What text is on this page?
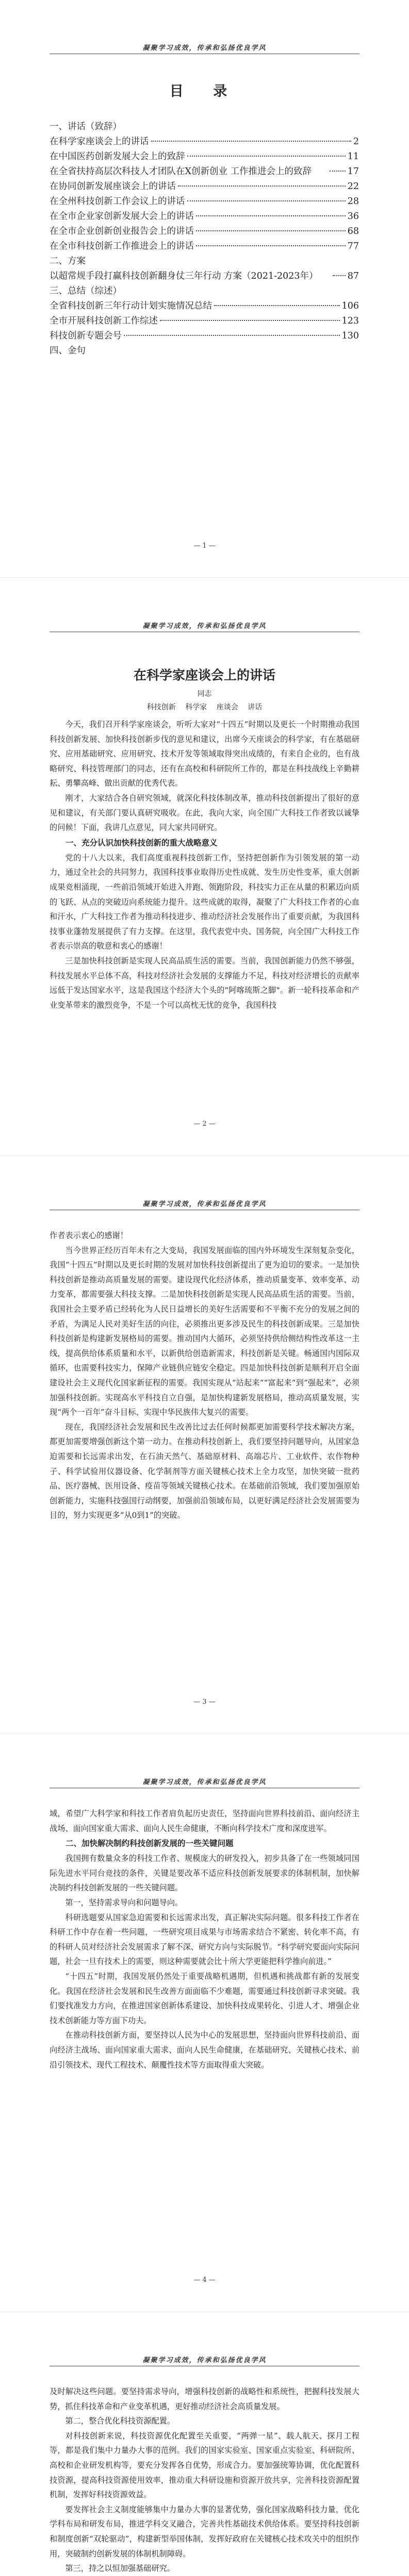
凝聚学习成效，传承和弘扬优良学风
目 录
一、讲话（致辞）
在科学家座谈会上的讲话	2
在中国医药创新发展大会上的致辞	11
在全省扶持高层次科技人才团队在X创新创业 工作推进会上的致辞	17
在协同创新发展座谈会上的讲话	22
在全州科技创新工作会议上的讲话	28
在全市企业家创新发展大会上的讲话	36
在全市企业创新创业报告会上的讲话	68
在全市科技创新工作推进会上的讲话	77
二、方案
以超常规手段打赢科技创新翻身仗三年行动 方案（2021-2023年）	87
三、总结（综述）
全省科技创新三年行动计划实施情况总结	106
全市开展科技创新工作综述	123
科技创新专题会号	130
四、金句
— 1 —
凝聚学习成效，传承和弘扬优良学风
在科学家座谈会上的讲话
同志
科技创新 科学家 座谈会 讲话

今天，我们召开科学家座谈会，听听大家对“十四五”时期以及更长一个时期推动我国科技创新发展、加快科技创新步伐的意见和建议，出席今天座谈会的科学家，有在基础研究、应用基础研究、应用研究、技术开发等领域取得突出成绩的，有来自企业的，也有战略研究、科技管理部门的同志，还有在高校和科研院所工作的，都是在科技战线上辛勤耕耘、勇攀高峰、做出贡献的优秀代表。

刚才，大家结合各自研究领域，就深化科技体制改革，推动科技创新提出了很好的意见和建议，有关部门要认真研究吸收。在此，我向大家，向全国广大科技工作者致以诚挚的问候！下面，我讲几点意见，同大家共同研究。

一、充分认识加快科技创新的重大战略意义

党的十八大以来，我们高度重视科技创新工作，坚持把创新作为引领发展的第一动力，通过全社会的共同努力，我国科技事业取得历史性成就、发生历史性变革，重大创新成果竞相涌现，一些前沿领域开始进入并跑、领跑阶段，科技实力正在从量的积累迈向质的飞跃、从点的突破迈向系统能力提升。这些成就的取得，凝聚了广大科技工作者的心血和汗水，广大科技工作者为推动科技进步、推动经济社会发展作出了重要贡献，为我国科技事业蓬勃发展提供了有力支撑。在这里，我代表党中央、国务院，向全国广大科技工作者表示崇高的敬意和衷心的感谢！

三是加快科技创新是实现人民高品质生活的需要。当前，我国创新能力仍然不够强，科技发展水平总体不高，科技对经济社会发展的支撑能力不足，科技对经济增长的贡献率远低于发达国家水平，这是我国这个经济大个头的"阿喀琉斯之脚"。新一轮科技革命和产业变革带来的激烈竞争，不是一个可以高枕无忧的竞争，我国科技

— 2 —
凝聚学习成效，传承和弘扬优良学风

作者表示衷心的感谢！

当今世界正经历百年未有之大变局，我国发展面临的国内外环境发生深刻复杂变化，我国“十四五”时期以及更长时期的发展对加快科技创新提出了更为迫切的要求。一是加快科技创新是推动高质量发展的需要。建设现代化经济体系，推动质量变革、效率变革、动力变革，都需要强大科技支撑。二是加快科技创新是实现人民高品质生活的需要。当前，我国社会主要矛盾已经转化为人民日益增长的美好生活需要和不平衡不充分的发展之间的矛盾，为满足人民对美好生活的向往，必须推出更多涉及民生的科技创新成果。三是加快科技创新是构建新发展格局的需要。推动国内大循环，必须坚持供给侧结构性改革这一主线，提高供给体系质量和水平，以新供给创造新需求，科技创新是关键。畅通国内国际双循环，也需要科技实力，保障产业链供应链安全稳定。四是加快科技创新是顺利开启全面建设社会主义现代化国家新征程的需要。我国实现从“站起来”“富起来”到“强起来”，必须加强科技创新。实现高水平科技自立自强，是加快构建新发展格局，推动高质量发展，实现“两个一百年”奋斗目标、实现中华民族伟大复兴的需要。

现在，我国经济社会发展和民生改善比过去任何时候都更加需要科学技术解决方案，都更加需要增强创新这个第一动力。在推动科技创新上，我们要坚持问题导向，从国家急迫需要和长远需求出发，在石油天然气、基础原材料、高端芯片、工业软件、农作物种子、科学试验用仪器设备、化学制剂等方面关键核心技术上全力攻坚，加快突破一批药品、医疗器械、医用设备、疫苗等领域关键核心技术。在基础前沿领域，我们要加强原始创新能力，实施科技强国行动纲要，加强前沿领域布局，以更好满足经济社会发展需要为目的，努力实现更多“从0到1”的突破。

— 3 —
凝聚学习成效，传承和弘扬优良学风

域，希望广大科学家和科技工作者肩负起历史责任，坚持面向世界科技前沿、面向经济主战场、面向国家重大需求、面向人民生命健康，不断向科学技术广度和深度进军。

二、加快解决制约科技创新发展的一些关键问题

我国拥有数量众多的科技工作者、规模庞大的研发投入，初步具备了在一些领域同国际先进水平同台竞技的条件，关键是要改革不适应科技创新发展要求的体制机制，加快解决制约科技创新发展的一些关键问题。

第一，坚持需求导向和问题导向。

科研选题要从国家急迫需要和长远需求出发，真正解决实际问题。很多科技工作者在科研工作中存在着一些问题，一些研究项目成果与市场需求结合不紧密、转化率不高，有的科研人员对经济社会发展需求了解不深、研究方向与实际脱节。“科学研究要面向实际问题，社会一旦有技术上的需要，则这种需要就会比十所大学更能把科学推向前进。”

“十四五”时期，我国发展仍然处于重要战略机遇期，但机遇和挑战都有新的发展变化。我国在经济社会发展和民生改善方面面临不少难题，需要通过科技创新寻求突破。我们要找准发力方向，在推进国家创新体系建设、加快科技成果转化、引进人才、增强企业技术创新能力等方面下功夫。

在推动科技创新方面，要坚持以人民为中心的发展思想，坚持面向世界科技前沿、面向经济主战场、面向国家重大需求、面向人民生命健康，在基础研究、关键核心技术、前沿引领技术、现代工程技术、颠覆性技术等方面取得重大突破。

— 4 —
凝聚学习成效，传承和弘扬优良学风

及时解决这些问题。要坚持需求导向，增强科技创新的战略性和系统性，把握科技发展大势，抓住科技革命和产业变革机遇，更好推动经济社会高质量发展。

第二，整合优化科技资源配置。

对科技创新来说，科技资源优化配置至关重要，“两弹一星”、载人航天、探月工程等，都是我们集中力量办大事的范例。我们的国家实验室、国家重点实验室、科研院所、高校和企业研发机构等，要充分发挥各自优势，形成合力。要加强统筹协调，优化配置科技资源，提高科技资源使用效率，推动重大科研设施和资源开放共享，完善科技资源配置机制，发挥好科技资源效益。

要发挥社会主义制度能够集中力量办大事的显著优势，强化国家战略科技力量，优化学科布局和研发布局，推进学科交叉融合，完善共性基础技术供给体系。要坚持科技创新和制度创新“双轮驱动”，构建新型举国体制，发挥好政府在关键核心技术攻关中的组织作用，突破制约创新发展的体制机制障碍。

第三，持之以恒加强基础研究。
